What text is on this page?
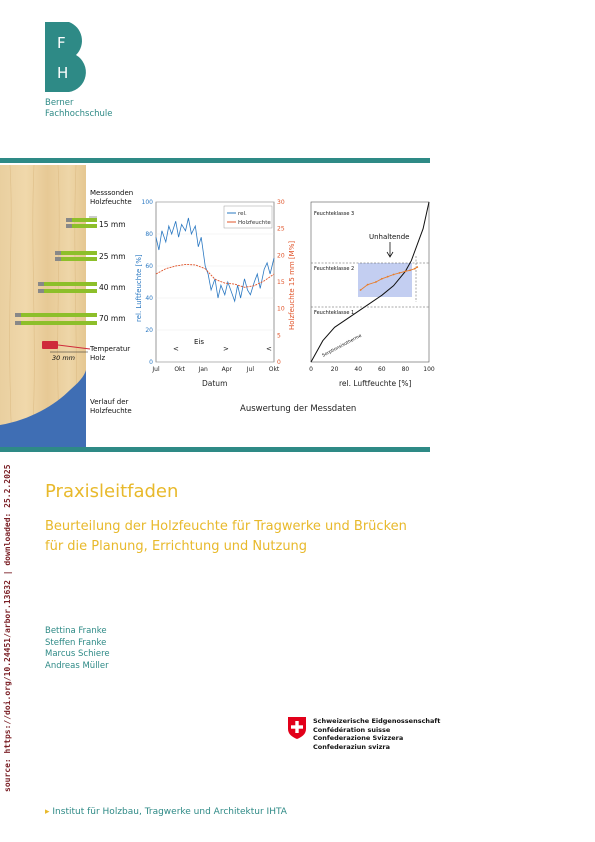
F
H
Berner
Fachhochschule
Messsonden
Holzfeuchte
15 mm
25 mm
40 mm
70 mm
30 mm
Temperatur
Holz
Verlauf der
Holzfeuchte
0
20
40
60
80
100
0
5
10
15
20
25
30
Jul Okt Jan Apr Jul Okt
rel.
Holzfeuchte
<
Eis
>	<
rel. Luftfeuchte [%]	Holzfeuchte 15 mm [M%]
Datum
0	20	40	60	80 100
Feuchteklasse 3
Feuchteklasse 2
Feuchteklasse 1
Unhaltende
Sorptionsisotherme
rel. Luftfeuchte [%]
Auswertung der Messdaten
Praxisleitfaden
Beurteilung der Holzfeuchte für Tragwerke und Brücken
für die Planung, Errichtung und Nutzung
Bettina Franke
Steffen Franke
Marcus Schiere
Andreas Müller
Schweizerische Eidgenossenschaft
Confédération suisse
Confederazione Svizzera
Confederaziun svizra
▸ Institut für Holzbau, Tragwerke und Architektur IHTA
source: https://doi.org/10.24451/arbor.13632 | downloaded: 25.2.2025
